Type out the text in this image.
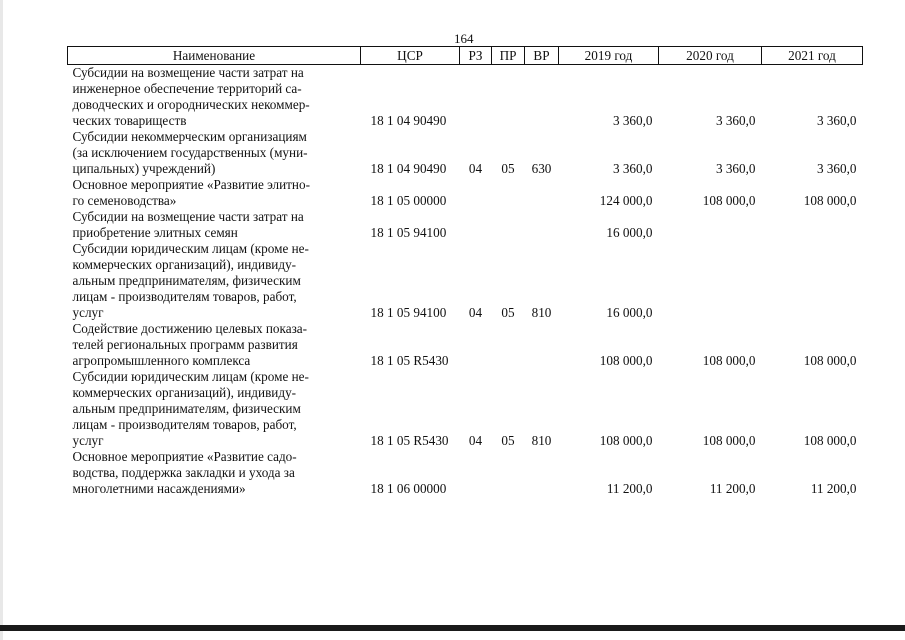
164
Наименование	ЦСР	РЗ	ПР	ВР	2019 год	2020 год	2021 год

Субсидии на возмещение части затрат на
инженерное обеспечение территорий са-
доводческих и огороднических некоммер-
ческих товариществ	18 1 04 90490				3 360,0	3 360,0	3 360,0

Субсидии некоммерческим организациям
(за исключением государственных (муни-
ципальных) учреждений)	18 1 04 90490	04	05	630	3 360,0	3 360,0	3 360,0

Основное мероприятие «Развитие элитно-
го семеноводства»	18 1 05 00000				124 000,0	108 000,0	108 000,0

Субсидии на возмещение части затрат на
приобретение элитных семян	18 1 05 94100				16 000,0		

Субсидии юридическим лицам (кроме не-
коммерческих организаций), индивиду-
альным предпринимателям, физическим
лицам - производителям товаров, работ,
услуг	18 1 05 94100	04	05	810	16 000,0		

Содействие достижению целевых показа-
телей региональных программ развития
агропромышленного комплекса	18 1 05 R5430				108 000,0	108 000,0	108 000,0

Субсидии юридическим лицам (кроме не-
коммерческих организаций), индивиду-
альным предпринимателям, физическим
лицам - производителям товаров, работ,
услуг	18 1 05 R5430	04	05	810	108 000,0	108 000,0	108 000,0

Основное мероприятие «Развитие садо-
водства, поддержка закладки и ухода за
многолетними насаждениями»	18 1 06 00000				11 200,0	11 200,0	11 200,0
